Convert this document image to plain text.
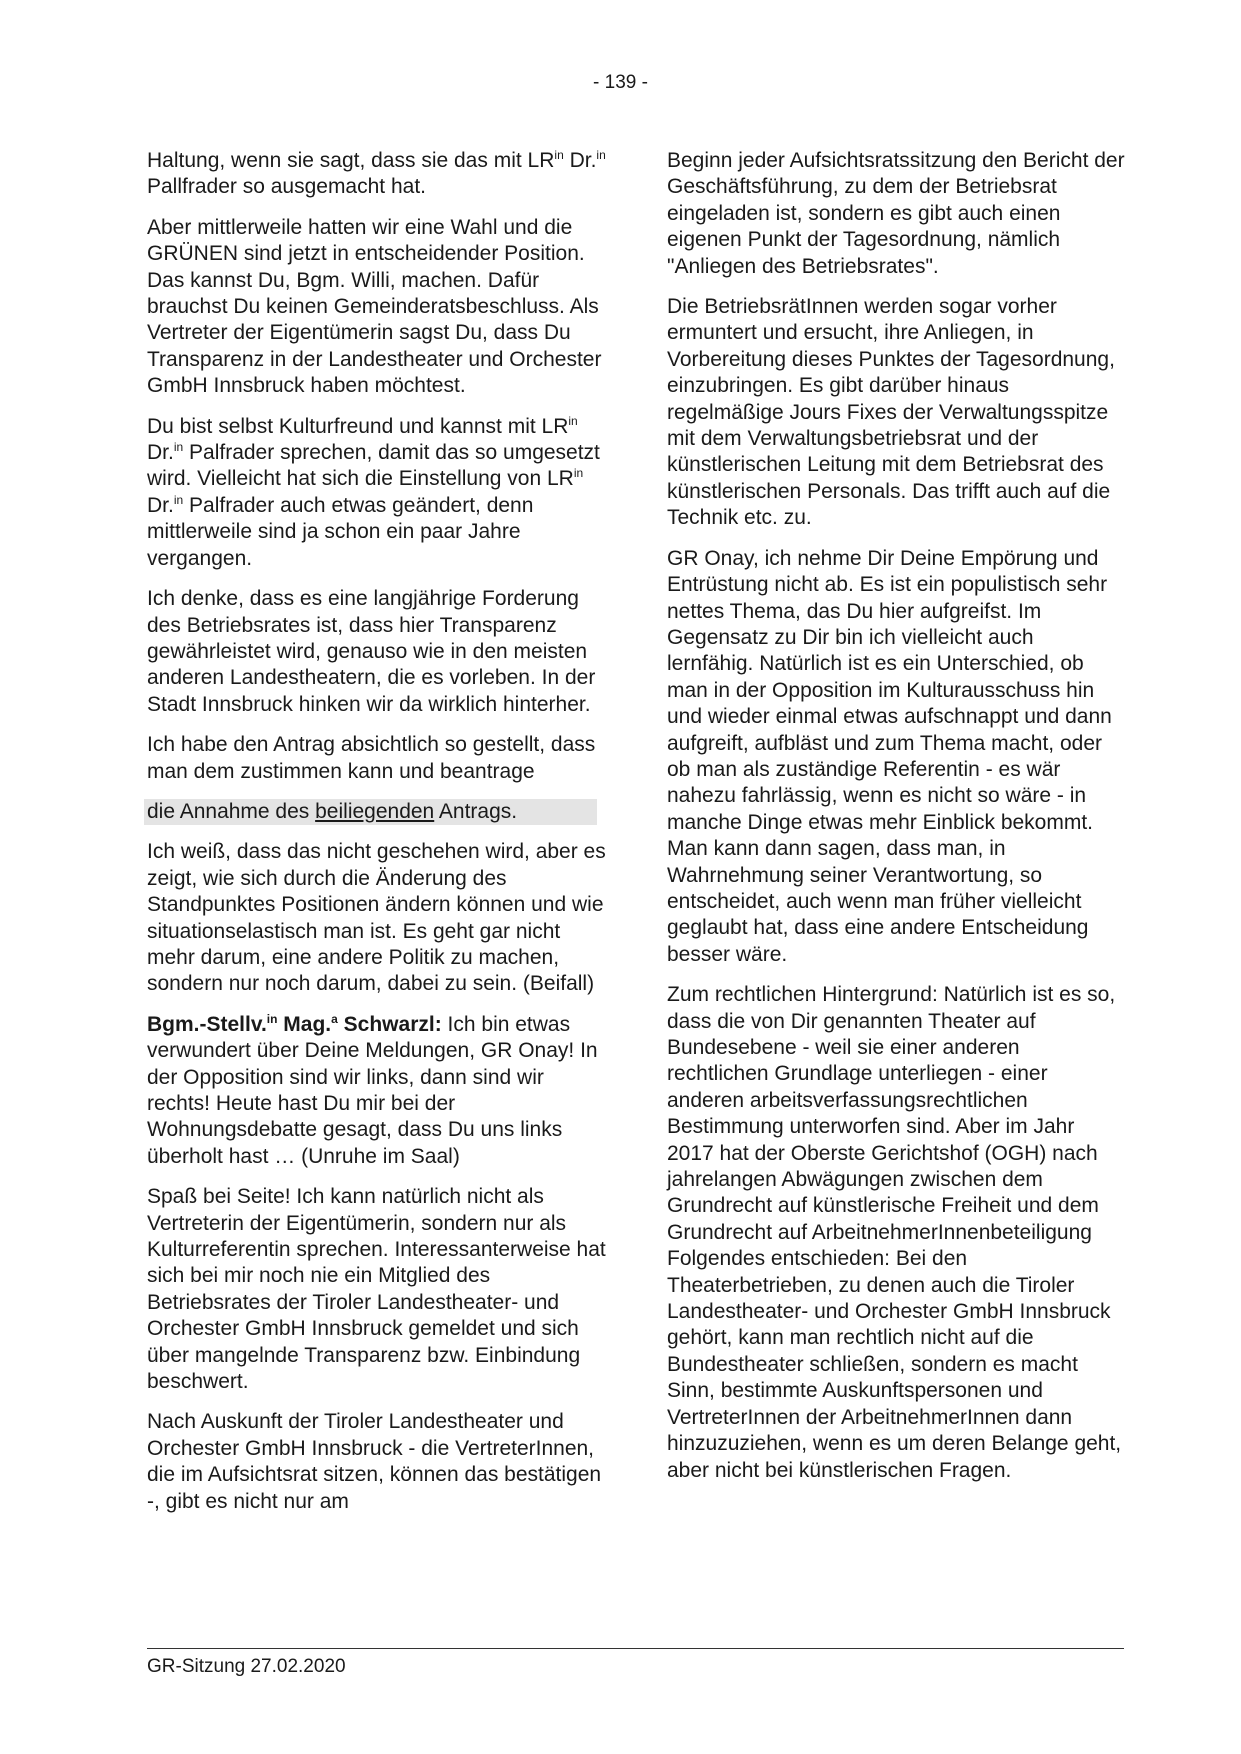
- 139 -

Haltung, wenn sie sagt, dass sie das mit $LR^{in}$ Dr.$^{in}$ Pallfrader so ausgemacht hat.

Aber mittlerweile hatten wir eine Wahl und die GRÜNEN sind jetzt in entscheidender Position. Das kannst Du, Bgm. Willi, machen. Dafür brauchst Du keinen Gemeinderatsbeschluss. Als Vertreter der Eigentümerin sagst Du, dass Du Transparenz in der Landestheater und Orchester GmbH Innsbruck haben möchtest.

Du bist selbst Kulturfreund und kannst mit $LR^{in}$ Dr.$^{in}$ Palfrader sprechen, damit das so umgesetzt wird. Vielleicht hat sich die Einstellung von $LR^{in}$ Dr.$^{in}$ Palfrader auch etwas geändert, denn mittlerweile sind ja schon ein paar Jahre vergangen.

Ich denke, dass es eine langjährige Forderung des Betriebsrates ist, dass hier Transparenz gewährleistet wird, genauso wie in den meisten anderen Landestheatern, die es vorleben. In der Stadt Innsbruck hinken wir da wirklich hinterher.

Ich habe den Antrag absichtlich so gestellt, dass man dem zustimmen kann und beantrage

die Annahme des beiliegenden Antrags.

Ich weiß, dass das nicht geschehen wird, aber es zeigt, wie sich durch die Änderung des Standpunktes Positionen ändern können und wie situationselastisch man ist. Es geht gar nicht mehr darum, eine andere Politik zu machen, sondern nur noch darum, dabei zu sein. (Beifall)

Bgm.-Stellv.$^{in}$ Mag.$^a$ Schwarzl: Ich bin etwas verwundert über Deine Meldungen, GR Onay! In der Opposition sind wir links, dann sind wir rechts! Heute hast Du mir bei der Wohnungsdebatte gesagt, dass Du uns links überholt hast … (Unruhe im Saal)

Spaß bei Seite! Ich kann natürlich nicht als Vertreterin der Eigentümerin, sondern nur als Kulturreferentin sprechen. Interessanterweise hat sich bei mir noch nie ein Mitglied des Betriebsrates der Tiroler Landestheater- und Orchester GmbH Innsbruck gemeldet und sich über mangelnde Transparenz bzw. Einbindung beschwert.

Nach Auskunft der Tiroler Landestheater und Orchester GmbH Innsbruck - die VertreterInnen, die im Aufsichtsrat sitzen, können das bestätigen -, gibt es nicht nur am

Beginn jeder Aufsichtsratssitzung den Bericht der Geschäftsführung, zu dem der Betriebsrat eingeladen ist, sondern es gibt auch einen eigenen Punkt der Tagesordnung, nämlich "Anliegen des Betriebsrates".

Die BetriebsrätInnen werden sogar vorher ermuntert und ersucht, ihre Anliegen, in Vorbereitung dieses Punktes der Tagesordnung, einzubringen. Es gibt darüber hinaus regelmäßige Jours Fixes der Verwaltungsspitze mit dem Verwaltungsbetriebsrat und der künstlerischen Leitung mit dem Betriebsrat des künstlerischen Personals. Das trifft auch auf die Technik etc. zu.

GR Onay, ich nehme Dir Deine Empörung und Entrüstung nicht ab. Es ist ein populistisch sehr nettes Thema, das Du hier aufgreifst. Im Gegensatz zu Dir bin ich vielleicht auch lernfähig. Natürlich ist es ein Unterschied, ob man in der Opposition im Kulturausschuss hin und wieder einmal etwas aufschnappt und dann aufgreift, aufbläst und zum Thema macht, oder ob man als zuständige Referentin - es wär nahezu fahrlässig, wenn es nicht so wäre - in manche Dinge etwas mehr Einblick bekommt. Man kann dann sagen, dass man, in Wahrnehmung seiner Verantwortung, so entscheidet, auch wenn man früher vielleicht geglaubt hat, dass eine andere Entscheidung besser wäre.

Zum rechtlichen Hintergrund: Natürlich ist es so, dass die von Dir genannten Theater auf Bundesebene - weil sie einer anderen rechtlichen Grundlage unterliegen - einer anderen arbeitsverfassungsrechtlichen Bestimmung unterworfen sind. Aber im Jahr 2017 hat der Oberste Gerichtshof (OGH) nach jahrelangen Abwägungen zwischen dem Grundrecht auf künstlerische Freiheit und dem Grundrecht auf ArbeitnehmerInnenbeteiligung Folgendes entschieden: Bei den Theaterbetrieben, zu denen auch die Tiroler Landestheater- und Orchester GmbH Innsbruck gehört, kann man rechtlich nicht auf die Bundestheater schließen, sondern es macht Sinn, bestimmte Auskunftspersonen und VertreterInnen der ArbeitnehmerInnen dann hinzuzuziehen, wenn es um deren Belange geht, aber nicht bei künstlerischen Fragen.

GR-Sitzung 27.02.2020
